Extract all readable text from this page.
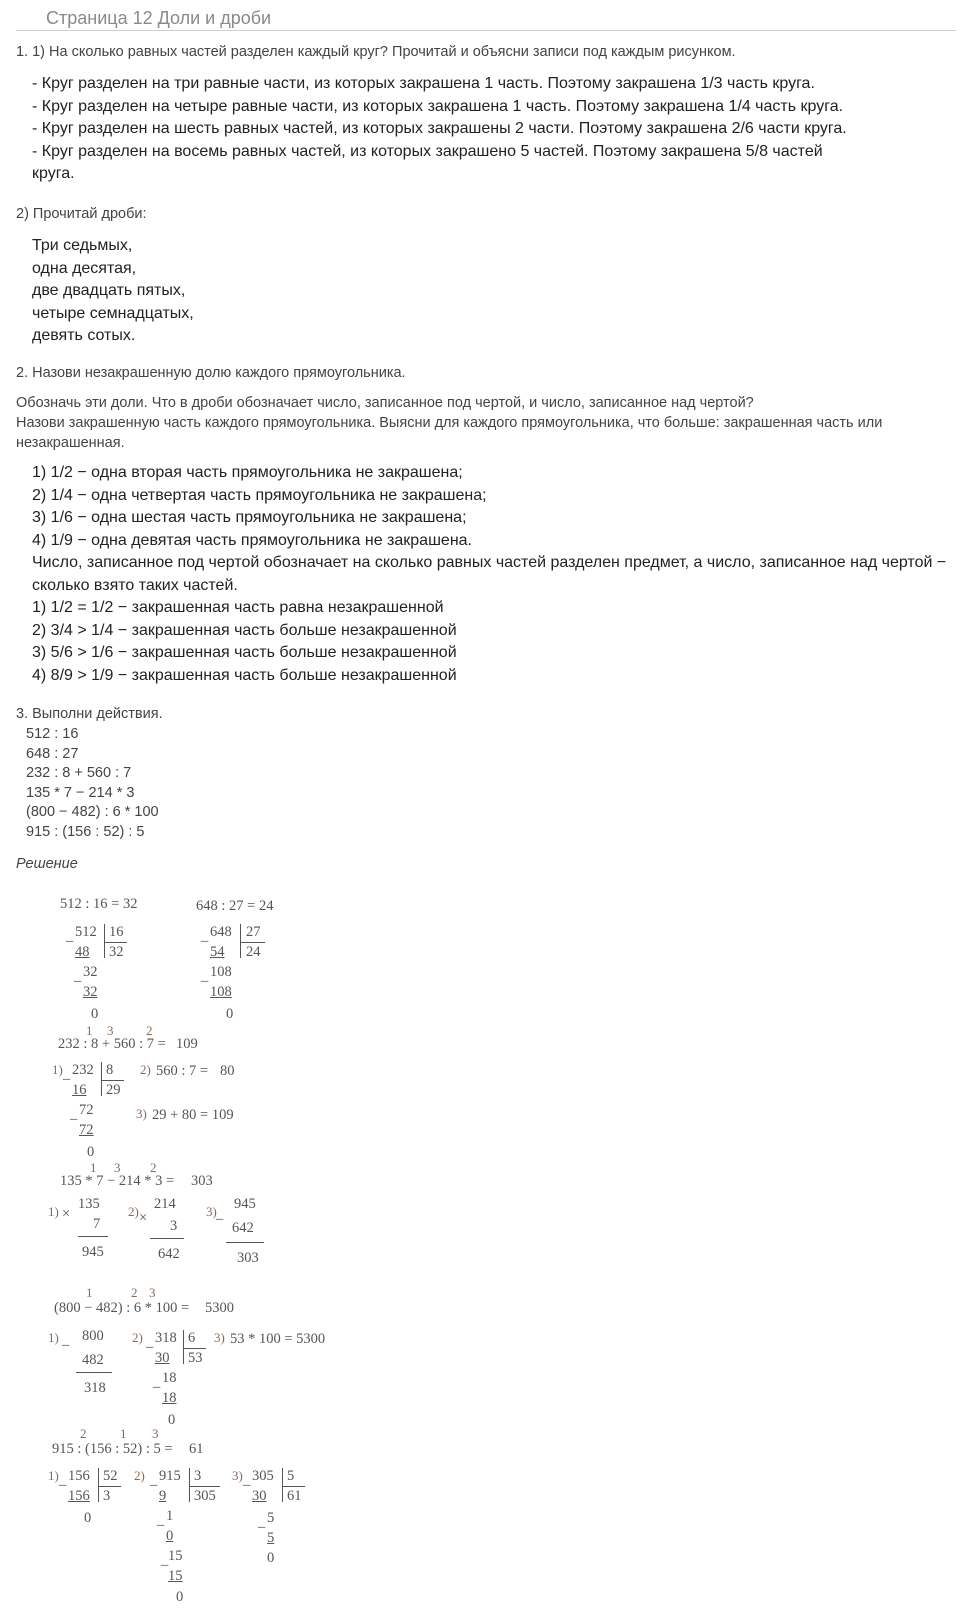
Страница 12 Доли и дроби
1. 1) На сколько равных частей разделен каждый круг? Прочитай и объясни записи под каждым рисунком.
- Круг разделен на три равные части, из которых закрашена 1 часть. Поэтому закрашена 1/3 часть круга.
- Круг разделен на четыре равные части, из которых закрашена 1 часть. Поэтому закрашена 1/4 часть круга.
- Круг разделен на шесть равных частей, из которых закрашены 2 части. Поэтому закрашена 2/6 части круга.
- Круг разделен на восемь равных частей, из которых закрашено 5 частей. Поэтому закрашена 5/8 частей
круга.
2) Прочитай дроби:
Три седьмых,
одна десятая,
две двадцать пятых,
четыре семнадцатых,
девять сотых.
2. Назови незакрашенную долю каждого прямоугольника.
Обозначь эти доли. Что в дроби обозначает число, записанное под чертой, и число, записанное над чертой?
Назови закрашенную часть каждого прямоугольника. Выясни для каждого прямоугольника, что больше: закрашенная часть или незакрашенная.
1) 1/2 − одна вторая часть прямоугольника не закрашена;
2) 1/4 − одна четвертая часть прямоугольника не закрашена;
3) 1/6 − одна шестая часть прямоугольника не закрашена;
4) 1/9 − одна девятая часть прямоугольника не закрашена.
Число, записанное под чертой обозначает на сколько равных частей разделен предмет, а число, записанное над чертой − сколько взято таких частей.
1) 1/2 = 1/2 − закрашенная часть равна незакрашенной
2) 3/4 > 1/4 − закрашенная часть больше незакрашенной
3) 5/6 > 1/6 − закрашенная часть больше незакрашенной
4) 8/9 > 1/9 − закрашенная часть больше незакрашенной
3. Выполни действия.
512 : 16
648 : 27
232 : 8 + 560 : 7
135 * 7 − 214 * 3
(800 − 482) : 6 * 100
915 : (156 : 52) : 5
Решение
512 : 16 = 32	648 : 27 = 24
_ 512 16
32
48
_ 32
32
0
_ 648 27
24
54
_ 108
108
0
1 3	2
232 : 8 + 560 : 7 = 109
1) _ 232 8
29
16
_ 72
72
0
2) 560 : 7 = 80
3) 29 + 80 = 109
1 3 2
135 * 7 − 214 * 3 = 303
1) ×
135
7
945
2) ×
214
3
642
3) _
945
642
303
1	2 3
(800 − 482) : 6 * 100 = 5300
1) _ 800
482
318
2) _ 318 6
53
30
_ 18
18
0
3) 53 * 100 = 5300
2	1 3
915 : (156 : 52) : 5 = 61
1) _ 156 52
3
156
0
2) _ 915 3
305
9
_ 1
0
_ 15
15
0
3) _ 305 5
61
30
_ 5
5
0
